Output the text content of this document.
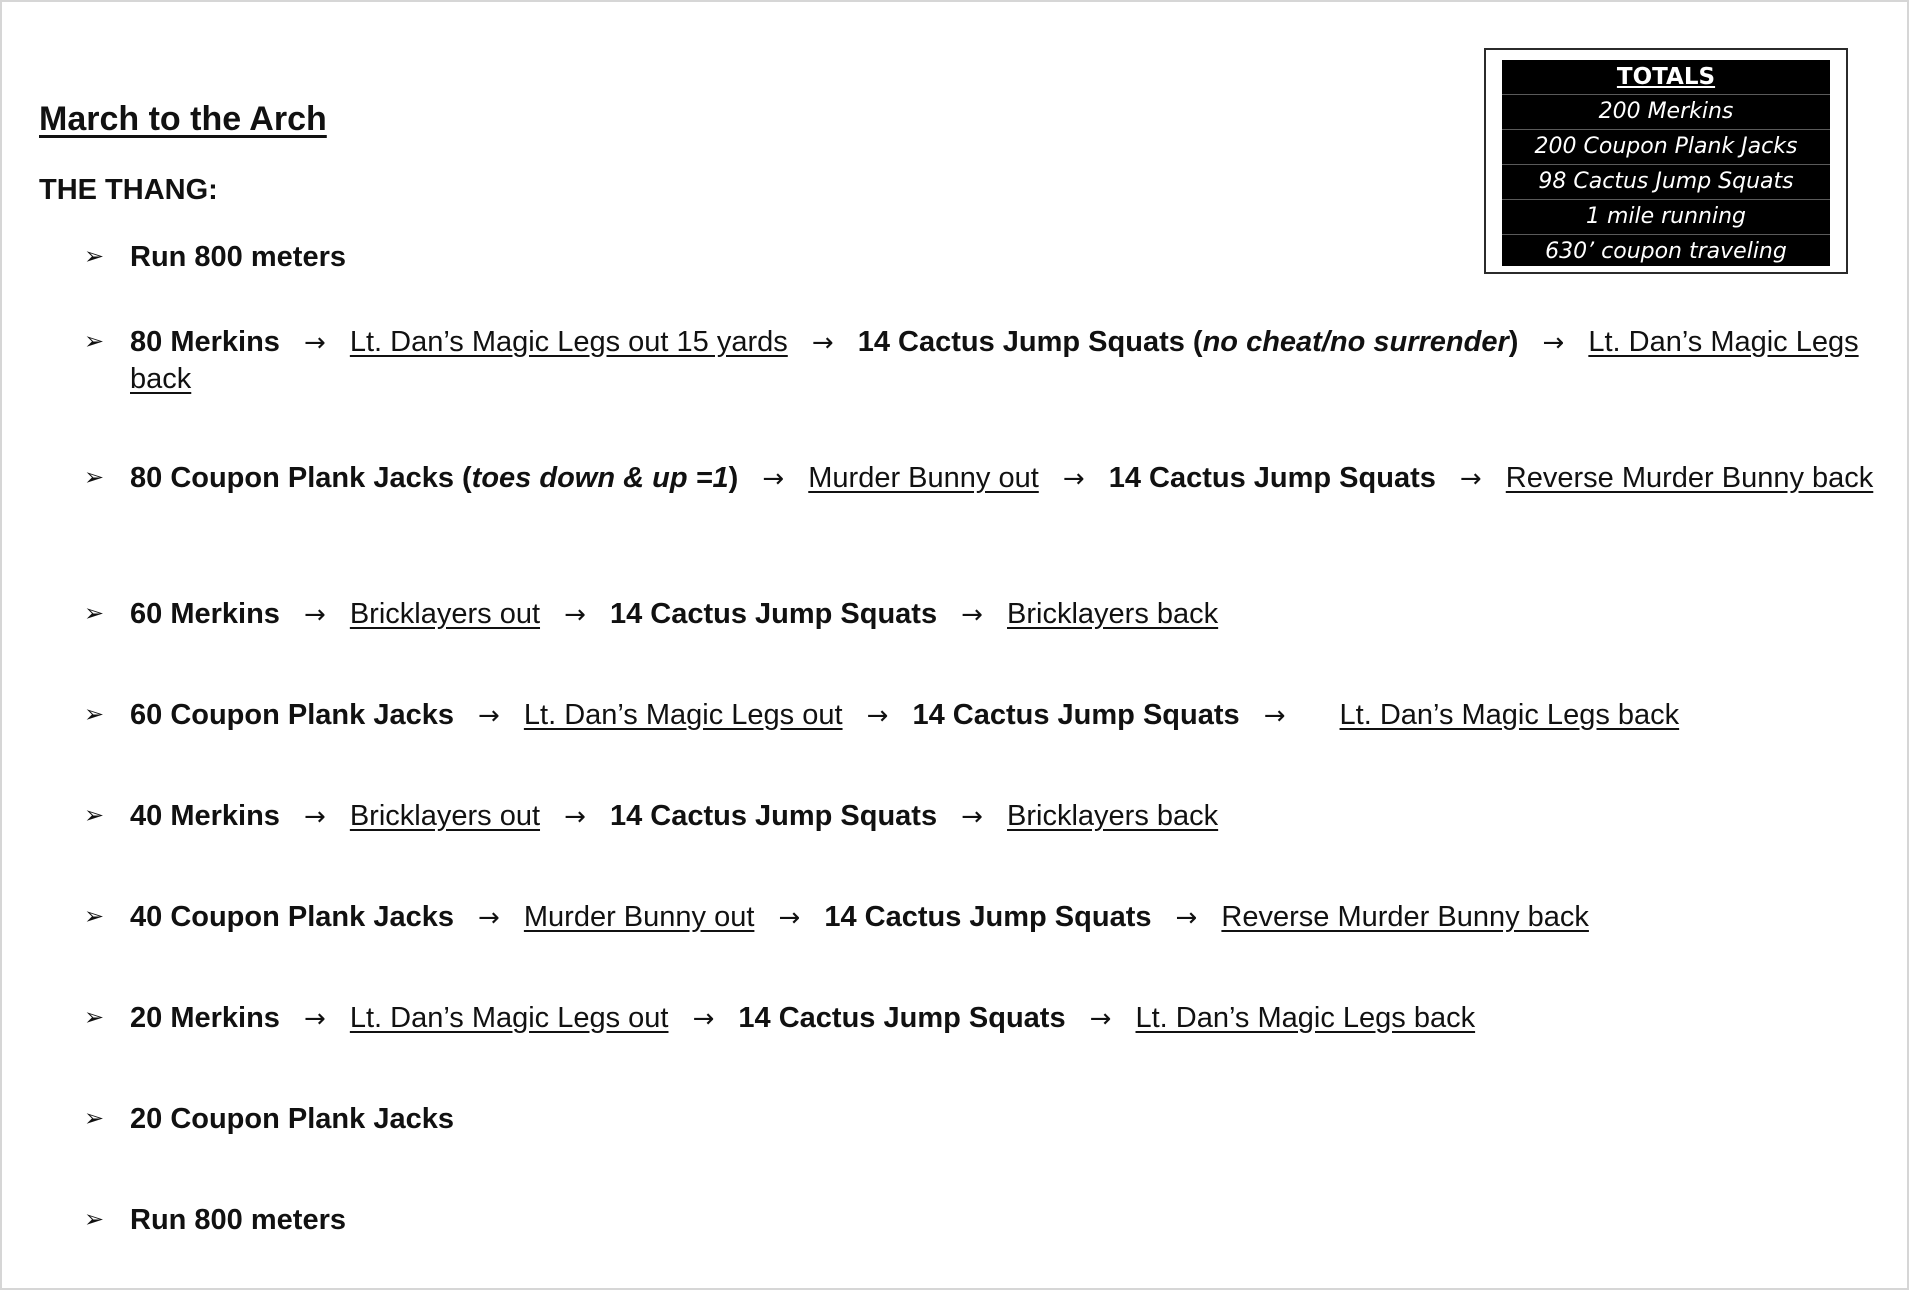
March to the Arch
THE THANG:
TOTALS
200 Merkins
200 Coupon Plank Jacks
98 Cactus Jump Squats
1 mile running
630’ coupon traveling
➢ Run 800 meters
➢ 80 Merkins → Lt. Dan’s Magic Legs out 15 yards → 14 Cactus Jump Squats (no cheat/no surrender) → Lt. Dan’s Magic Legs back
➢ 80 Coupon Plank Jacks (toes down & up =1) → Murder Bunny out → 14 Cactus Jump Squats → Reverse Murder Bunny back
➢ 60 Merkins → Bricklayers out → 14 Cactus Jump Squats → Bricklayers back
➢ 60 Coupon Plank Jacks → Lt. Dan’s Magic Legs out → 14 Cactus Jump Squats → Lt. Dan’s Magic Legs back
➢ 40 Merkins → Bricklayers out → 14 Cactus Jump Squats → Bricklayers back
➢ 40 Coupon Plank Jacks → Murder Bunny out → 14 Cactus Jump Squats → Reverse Murder Bunny back
➢ 20 Merkins → Lt. Dan’s Magic Legs out → 14 Cactus Jump Squats → Lt. Dan’s Magic Legs back
➢ 20 Coupon Plank Jacks
➢ Run 800 meters
